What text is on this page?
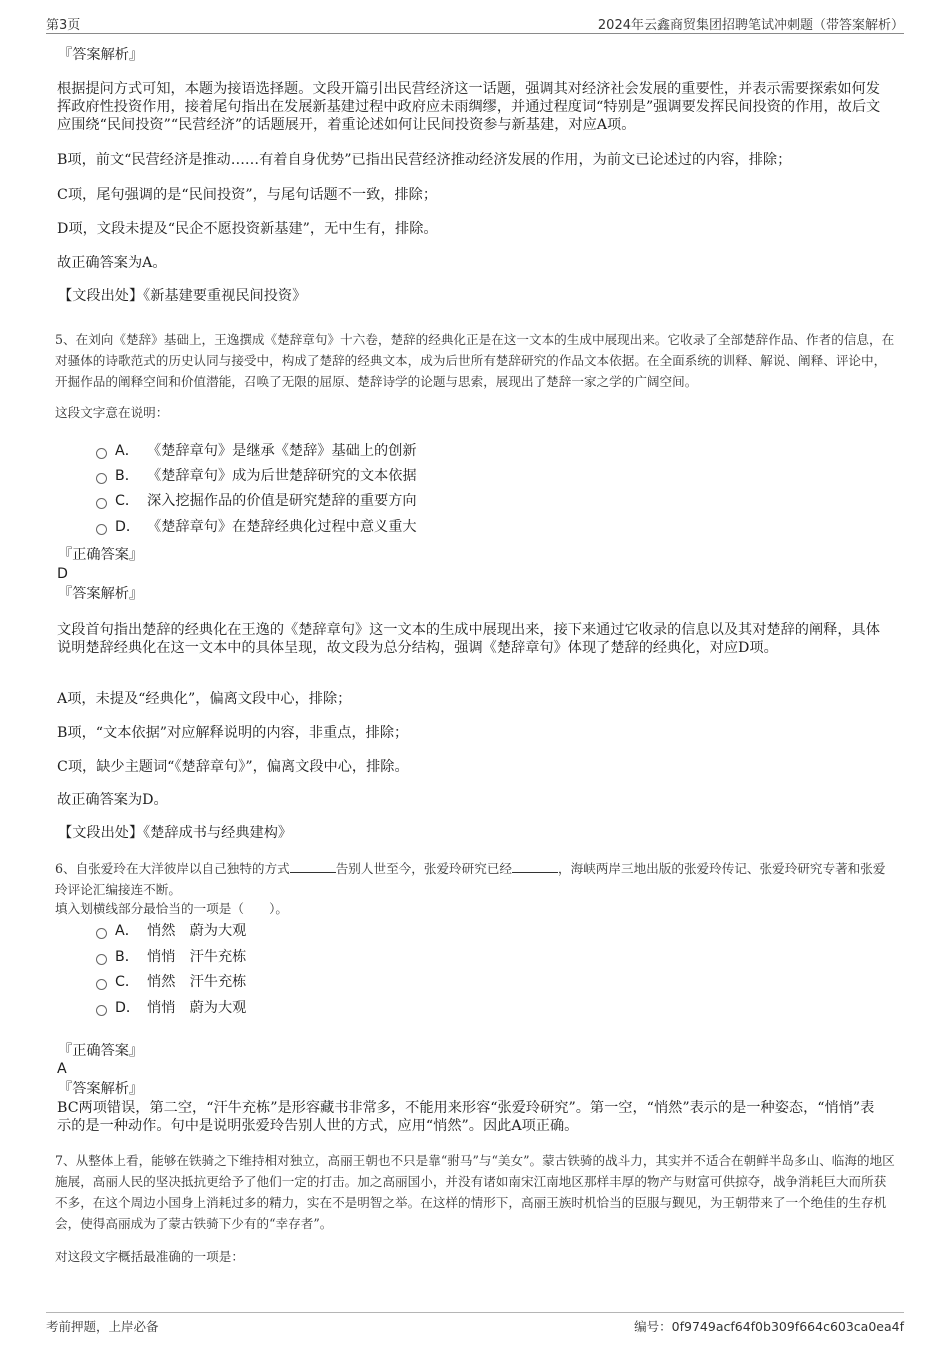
第3页	2024年云鑫商贸集团招聘笔试冲刺题（带答案解析）
『答案解析』
根据提问方式可知，本题为接语选择题。文段开篇引出民营经济这一话题，强调其对经济社会发展的重要性，并表示需要探索如何发挥政府性投资作用，接着尾句指出在发展新基建过程中政府应未雨绸缪，并通过程度词“特别是”强调要发挥民间投资的作用，故后文应围绕“民间投资”“民营经济”的话题展开，着重论述如何让民间投资参与新基建，对应A项。
B项，前文“民营经济是推动……有着自身优势”已指出民营经济推动经济发展的作用，为前文已论述过的内容，排除；
C项，尾句强调的是“民间投资”，与尾句话题不一致，排除；
D项，文段未提及“民企不愿投资新基建”，无中生有，排除。
故正确答案为A。
【文段出处】《新基建要重视民间投资》
5、在刘向《楚辞》基础上，王逸撰成《楚辞章句》十六卷，楚辞的经典化正是在这一文本的生成中展现出来。它收录了全部楚辞作品、作者的信息，在对骚体的诗歌范式的历史认同与接受中，构成了楚辞的经典文本，成为后世所有楚辞研究的作品文本依据。在全面系统的训释、解说、阐释、评论中，开掘作品的阐释空间和价值潜能，召唤了无限的屈原、楚辞诗学的论题与思索，展现出了楚辞一家之学的广阔空间。
这段文字意在说明：
A． 《楚辞章句》是继承《楚辞》基础上的创新
B． 《楚辞章句》成为后世楚辞研究的文本依据
C． 深入挖掘作品的价值是研究楚辞的重要方向
D． 《楚辞章句》在楚辞经典化过程中意义重大
『正确答案』
D
『答案解析』
文段首句指出楚辞的经典化在王逸的《楚辞章句》这一文本的生成中展现出来，接下来通过它收录的信息以及其对楚辞的阐释，具体说明楚辞经典化在这一文本中的具体呈现，故文段为总分结构，强调《楚辞章句》体现了楚辞的经典化，对应D项。
A项，未提及“经典化”，偏离文段中心，排除；
B项，“文本依据”对应解释说明的内容，非重点，排除；
C项，缺少主题词“《楚辞章句》”，偏离文段中心，排除。
故正确答案为D。
【文段出处】《楚辞成书与经典建构》
6、自张爱玲在大洋彼岸以自己独特的方式	告别人世至今，张爱玲研究已经	，海峡两岸三地出版的张爱玲传记、张爱玲研究专著和张爱玲评论汇编接连不断。
填入划横线部分最恰当的一项是（　　）。
A． 悄然　蔚为大观
B． 悄悄　汗牛充栋
C． 悄然　汗牛充栋
D． 悄悄　蔚为大观
『正确答案』
A
『答案解析』
BC两项错误，第二空，“汗牛充栋”是形容藏书非常多，不能用来形容“张爱玲研究”。第一空，“悄然”表示的是一种姿态，“悄悄”表示的是一种动作。句中是说明张爱玲告别人世的方式，应用“悄然”。因此A项正确。
7、从整体上看，能够在铁骑之下维持相对独立，高丽王朝也不只是靠“驸马”与“美女”。蒙古铁骑的战斗力，其实并不适合在朝鲜半岛多山、临海的地区施展，高丽人民的坚决抵抗更给予了他们一定的打击。加之高丽国小，并没有诸如南宋江南地区那样丰厚的物产与财富可供掠夺，战争消耗巨大而所获不多，在这个周边小国身上消耗过多的精力，实在不是明智之举。在这样的情形下，高丽王族时机恰当的臣服与觐见，为王朝带来了一个绝佳的生存机会，使得高丽成为了蒙古铁骑下少有的“幸存者”。
对这段文字概括最准确的一项是：
考前押题，上岸必备	编号：0f9749acf64f0b309f664c603ca0ea4f
